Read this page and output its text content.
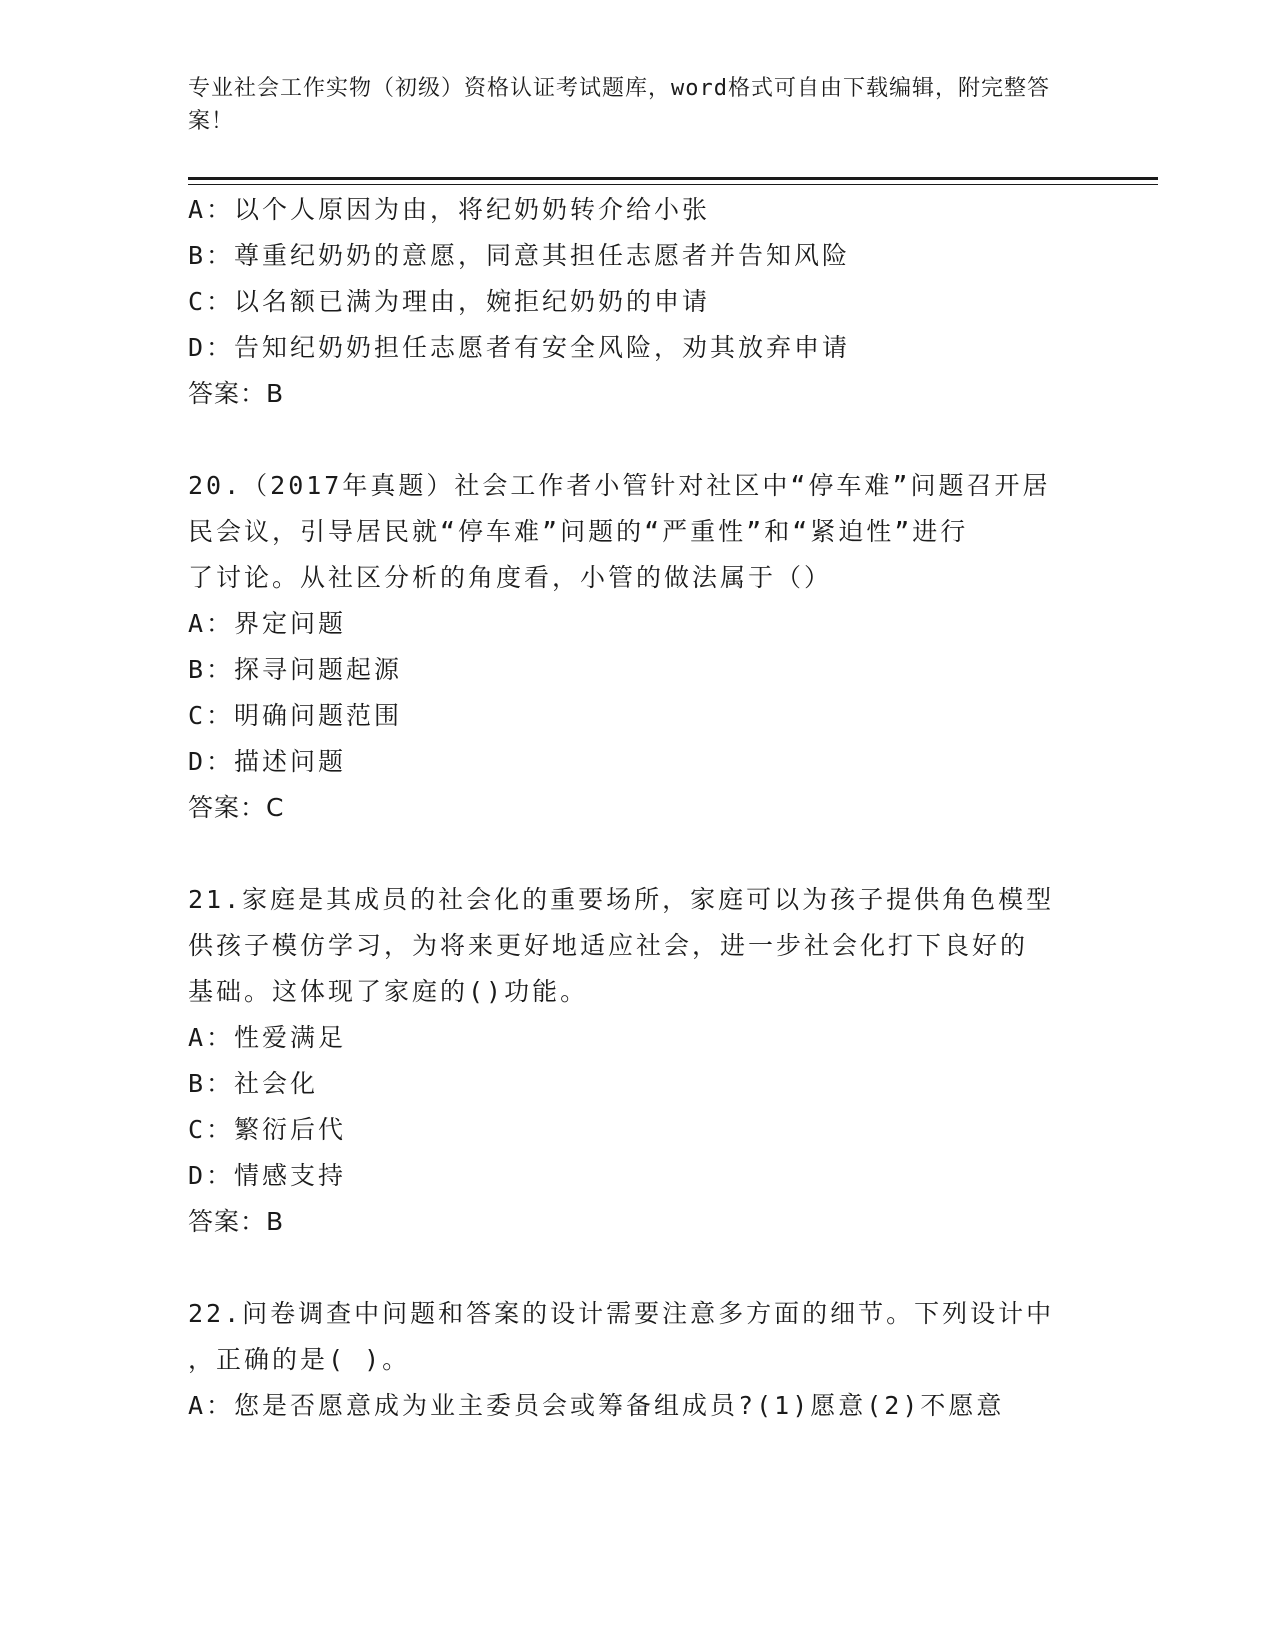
专业社会工作实物（初级）资格认证考试题库，word格式可自由下载编辑，附完整答案！
A：以个人原因为由，将纪奶奶转介给小张
B：尊重纪奶奶的意愿，同意其担任志愿者并告知风险
C：以名额已满为理由，婉拒纪奶奶的申请
D：告知纪奶奶担任志愿者有安全风险，劝其放弃申请
答案：B
20.（2017年真题）社会工作者小管针对社区中“停车难”问题召开居
民会议，引导居民就“停车难”问题的“严重性”和“紧迫性”进行
了讨论。从社区分析的角度看，小管的做法属于（）
A：界定问题
B：探寻问题起源
C：明确问题范围
D：描述问题
答案：C
21.家庭是其成员的社会化的重要场所，家庭可以为孩子提供角色模型
供孩子模仿学习，为将来更好地适应社会，进一步社会化打下良好的
基础。这体现了家庭的()功能。
A：性爱满足
B：社会化
C：繁衍后代
D：情感支持
答案：B
22.问卷调查中问题和答案的设计需要注意多方面的细节。下列设计中
，正确的是( )。
A：您是否愿意成为业主委员会或筹备组成员?(1)愿意(2)不愿意
